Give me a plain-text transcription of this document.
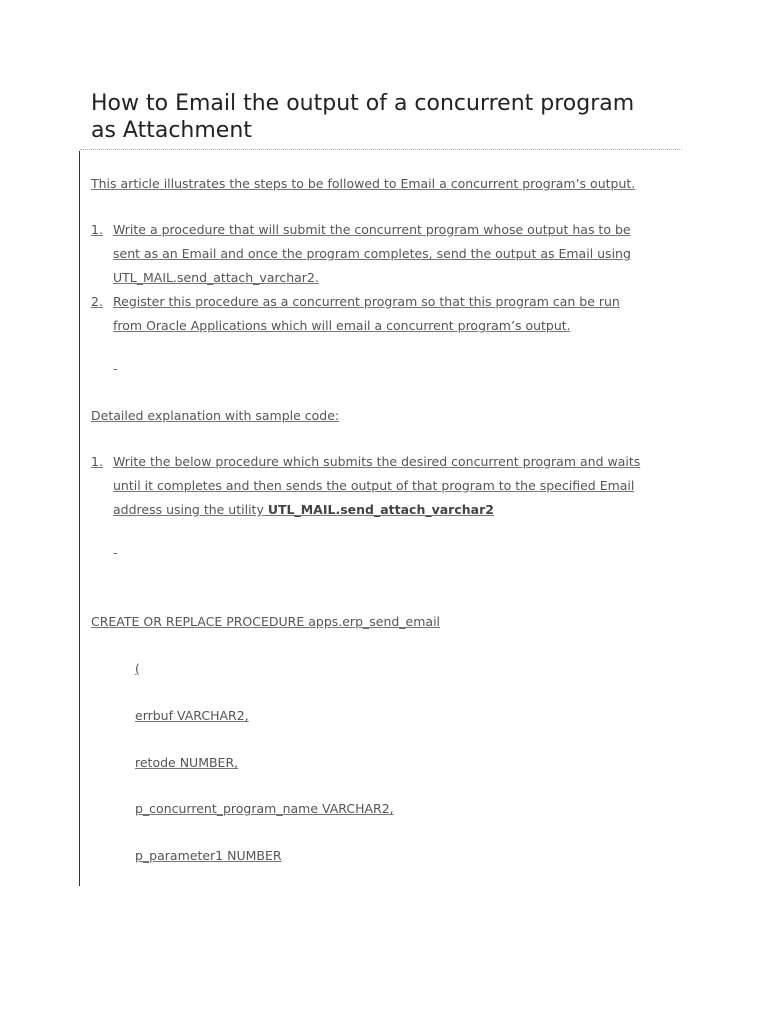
How to Email the output of a concurrent program
as Attachment
This article illustrates the steps to be followed to Email a concurrent program’s output.
1. Write a procedure that will submit the concurrent program whose output has to be
sent as an Email and once the program completes, send the output as Email using
UTL_MAIL.send_attach_varchar2.
2. Register this procedure as a concurrent program so that this program can be run
from Oracle Applications which will email a concurrent program’s output.
-
Detailed explanation with sample code:
1. Write the below procedure which submits the desired concurrent program and waits
until it completes and then sends the output of that program to the specified Email
address using the utility UTL_MAIL.send_attach_varchar2
-
CREATE OR REPLACE PROCEDURE apps.erp_send_email
(
errbuf VARCHAR2,
retode NUMBER,
p_concurrent_program_name VARCHAR2,
p_parameter1 NUMBER
